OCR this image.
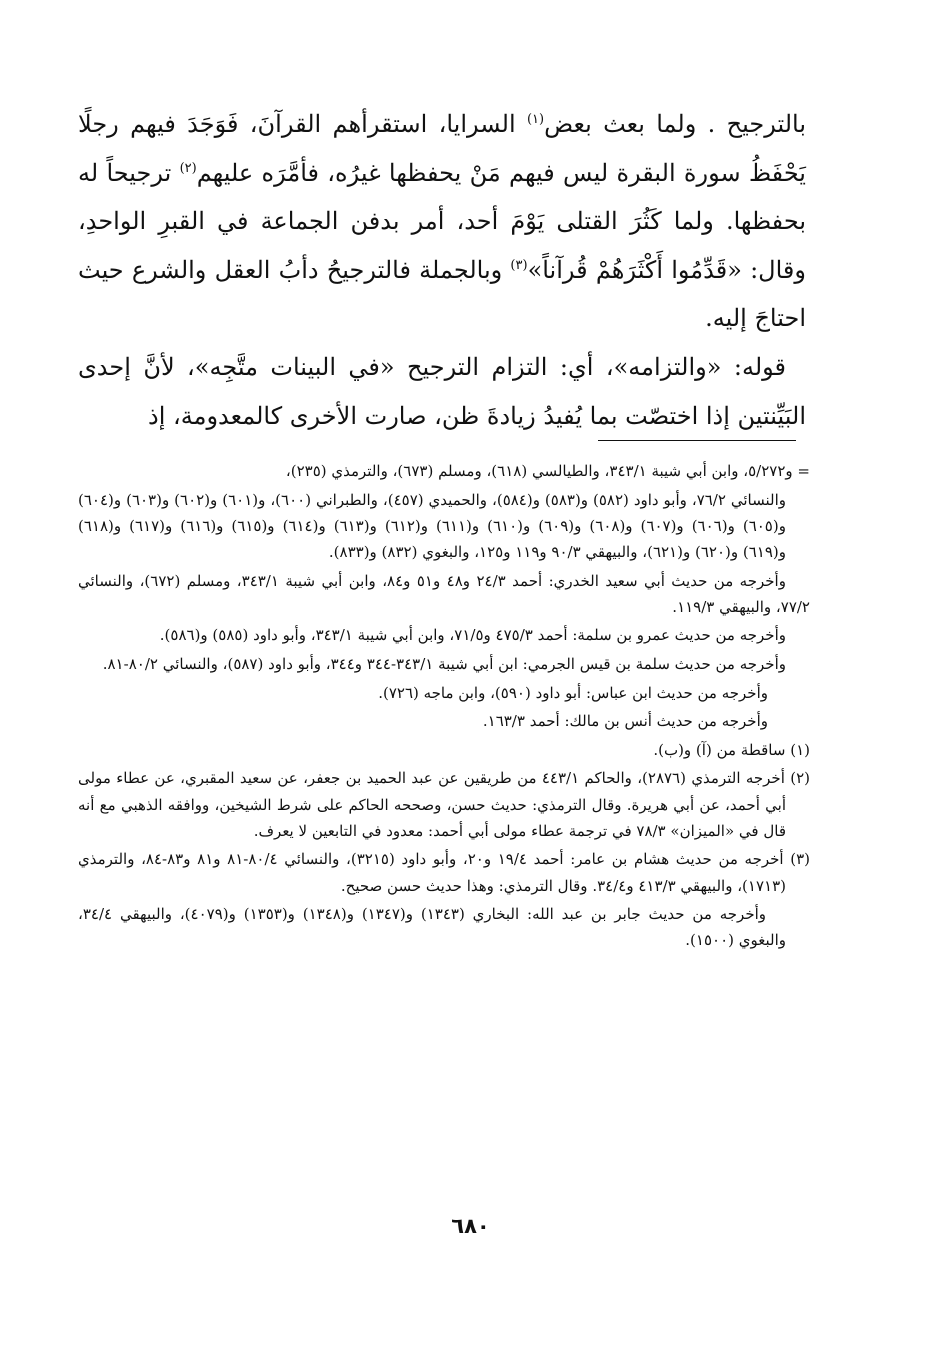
بالترجيح . ولما بعث بعض$^{(١)}$ السرايا، استقرأهم القرآنَ، فَوَجَدَ فيهم رجلًا يَحْفَظُ سورة البقرة ليس فيهم مَنْ يحفظها غيرُه، فأمَّرَه عليهم$^{(٢)}$ ترجيحاً له بحفظها. ولما كَثُرَ القتلى يَوْمَ أحد، أمر بدفن الجماعة في القبرِ الواحدِ، وقال: «قَدِّمُوا أَكْثَرَهُمْ قُرآناً»$^{(٣)}$ وبالجملة فالترجيحُ دأبُ العقل والشرع حيث احتاجَ إليه.

قوله: «والتزامه»، أي: التزام الترجيح «في البينات متَّجِه»، لأنَّ إحدى البَيِّنتين إذا اختصّت بما يُفيدُ زيادةَ ظن، صارت الأخرى كالمعدومة، إذ

= و٥/٢٧٢، وابن أبي شيبة ٣٤٣/١، والطيالسي (٦١٨)، ومسلم (٦٧٣)، والترمذي (٢٣٥)،

والنسائي ٧٦/٢، وأبو داود (٥٨٢) و(٥٨٣) و(٥٨٤)، والحميدي (٤٥٧)، والطبراني (٦٠٠)، و(٦٠١) و(٦٠٢) و(٦٠٣) و(٦٠٤) و(٦٠٥) و(٦٠٦) و(٦٠٧) و(٦٠٨) و(٦٠٩) و(٦١٠) و(٦١١) و(٦١٢) و(٦١٣) و(٦١٤) و(٦١٥) و(٦١٦) و(٦١٧) و(٦١٨) و(٦١٩) و(٦٢٠) و(٦٢١)، والبيهقي ٩٠/٣ و١١٩ و١٢٥، والبغوي (٨٣٢) و(٨٣٣).

وأخرجه من حديث أبي سعيد الخدري: أحمد ٢٤/٣ و٤٨ و٥١ و٨٤، وابن أبي شيبة ٣٤٣/١، ومسلم (٦٧٢)، والنسائي ٧٧/٢، والبيهقي ١١٩/٣.

وأخرجه من حديث عمرو بن سلمة: أحمد ٤٧٥/٣ و٧١/٥، وابن أبي شيبة ٣٤٣/١، وأبو داود (٥٨٥) و(٥٨٦).

وأخرجه من حديث سلمة بن قيس الجرمي: ابن أبي شيبة ٣٤٣/١-٣٤٤ و٣٤٤، وأبو داود (٥٨٧)، والنسائي ٨٠/٢-٨١.

وأخرجه من حديث ابن عباس: أبو داود (٥٩٠)، وابن ماجه (٧٢٦).

وأخرجه من حديث أنس بن مالك: أحمد ١٦٣/٣.

(١) ساقطة من (آ) و(ب).

(٢) أخرجه الترمذي (٢٨٧٦)، والحاكم ٤٤٣/١ من طريقين عن عبد الحميد بن جعفر، عن سعيد المقبري، عن عطاء مولى أبي أحمد، عن أبي هريرة. وقال الترمذي: حديث حسن، وصححه الحاكم على شرط الشيخين، ووافقه الذهبي مع أنه قال في «الميزان» ٧٨/٣ في ترجمة عطاء مولى أبي أحمد: معدود في التابعين لا يعرف.

(٣) أخرجه من حديث هشام بن عامر: أحمد ١٩/٤ و٢٠، وأبو داود (٣٢١٥)، والنسائي ٨٠/٤-٨١ و٨١ و٨٣-٨٤، والترمذي (١٧١٣)، والبيهقي ٤١٣/٣ و٣٤/٤. وقال الترمذي: وهذا حديث حسن صحيح.

وأخرجه من حديث جابر بن عبد الله: البخاري (١٣٤٣) و(١٣٤٧) و(١٣٤٨) و(١٣٥٣) و(٤٠٧٩)، والبيهقي ٣٤/٤، والبغوي (١٥٠٠).

٦٨٠
